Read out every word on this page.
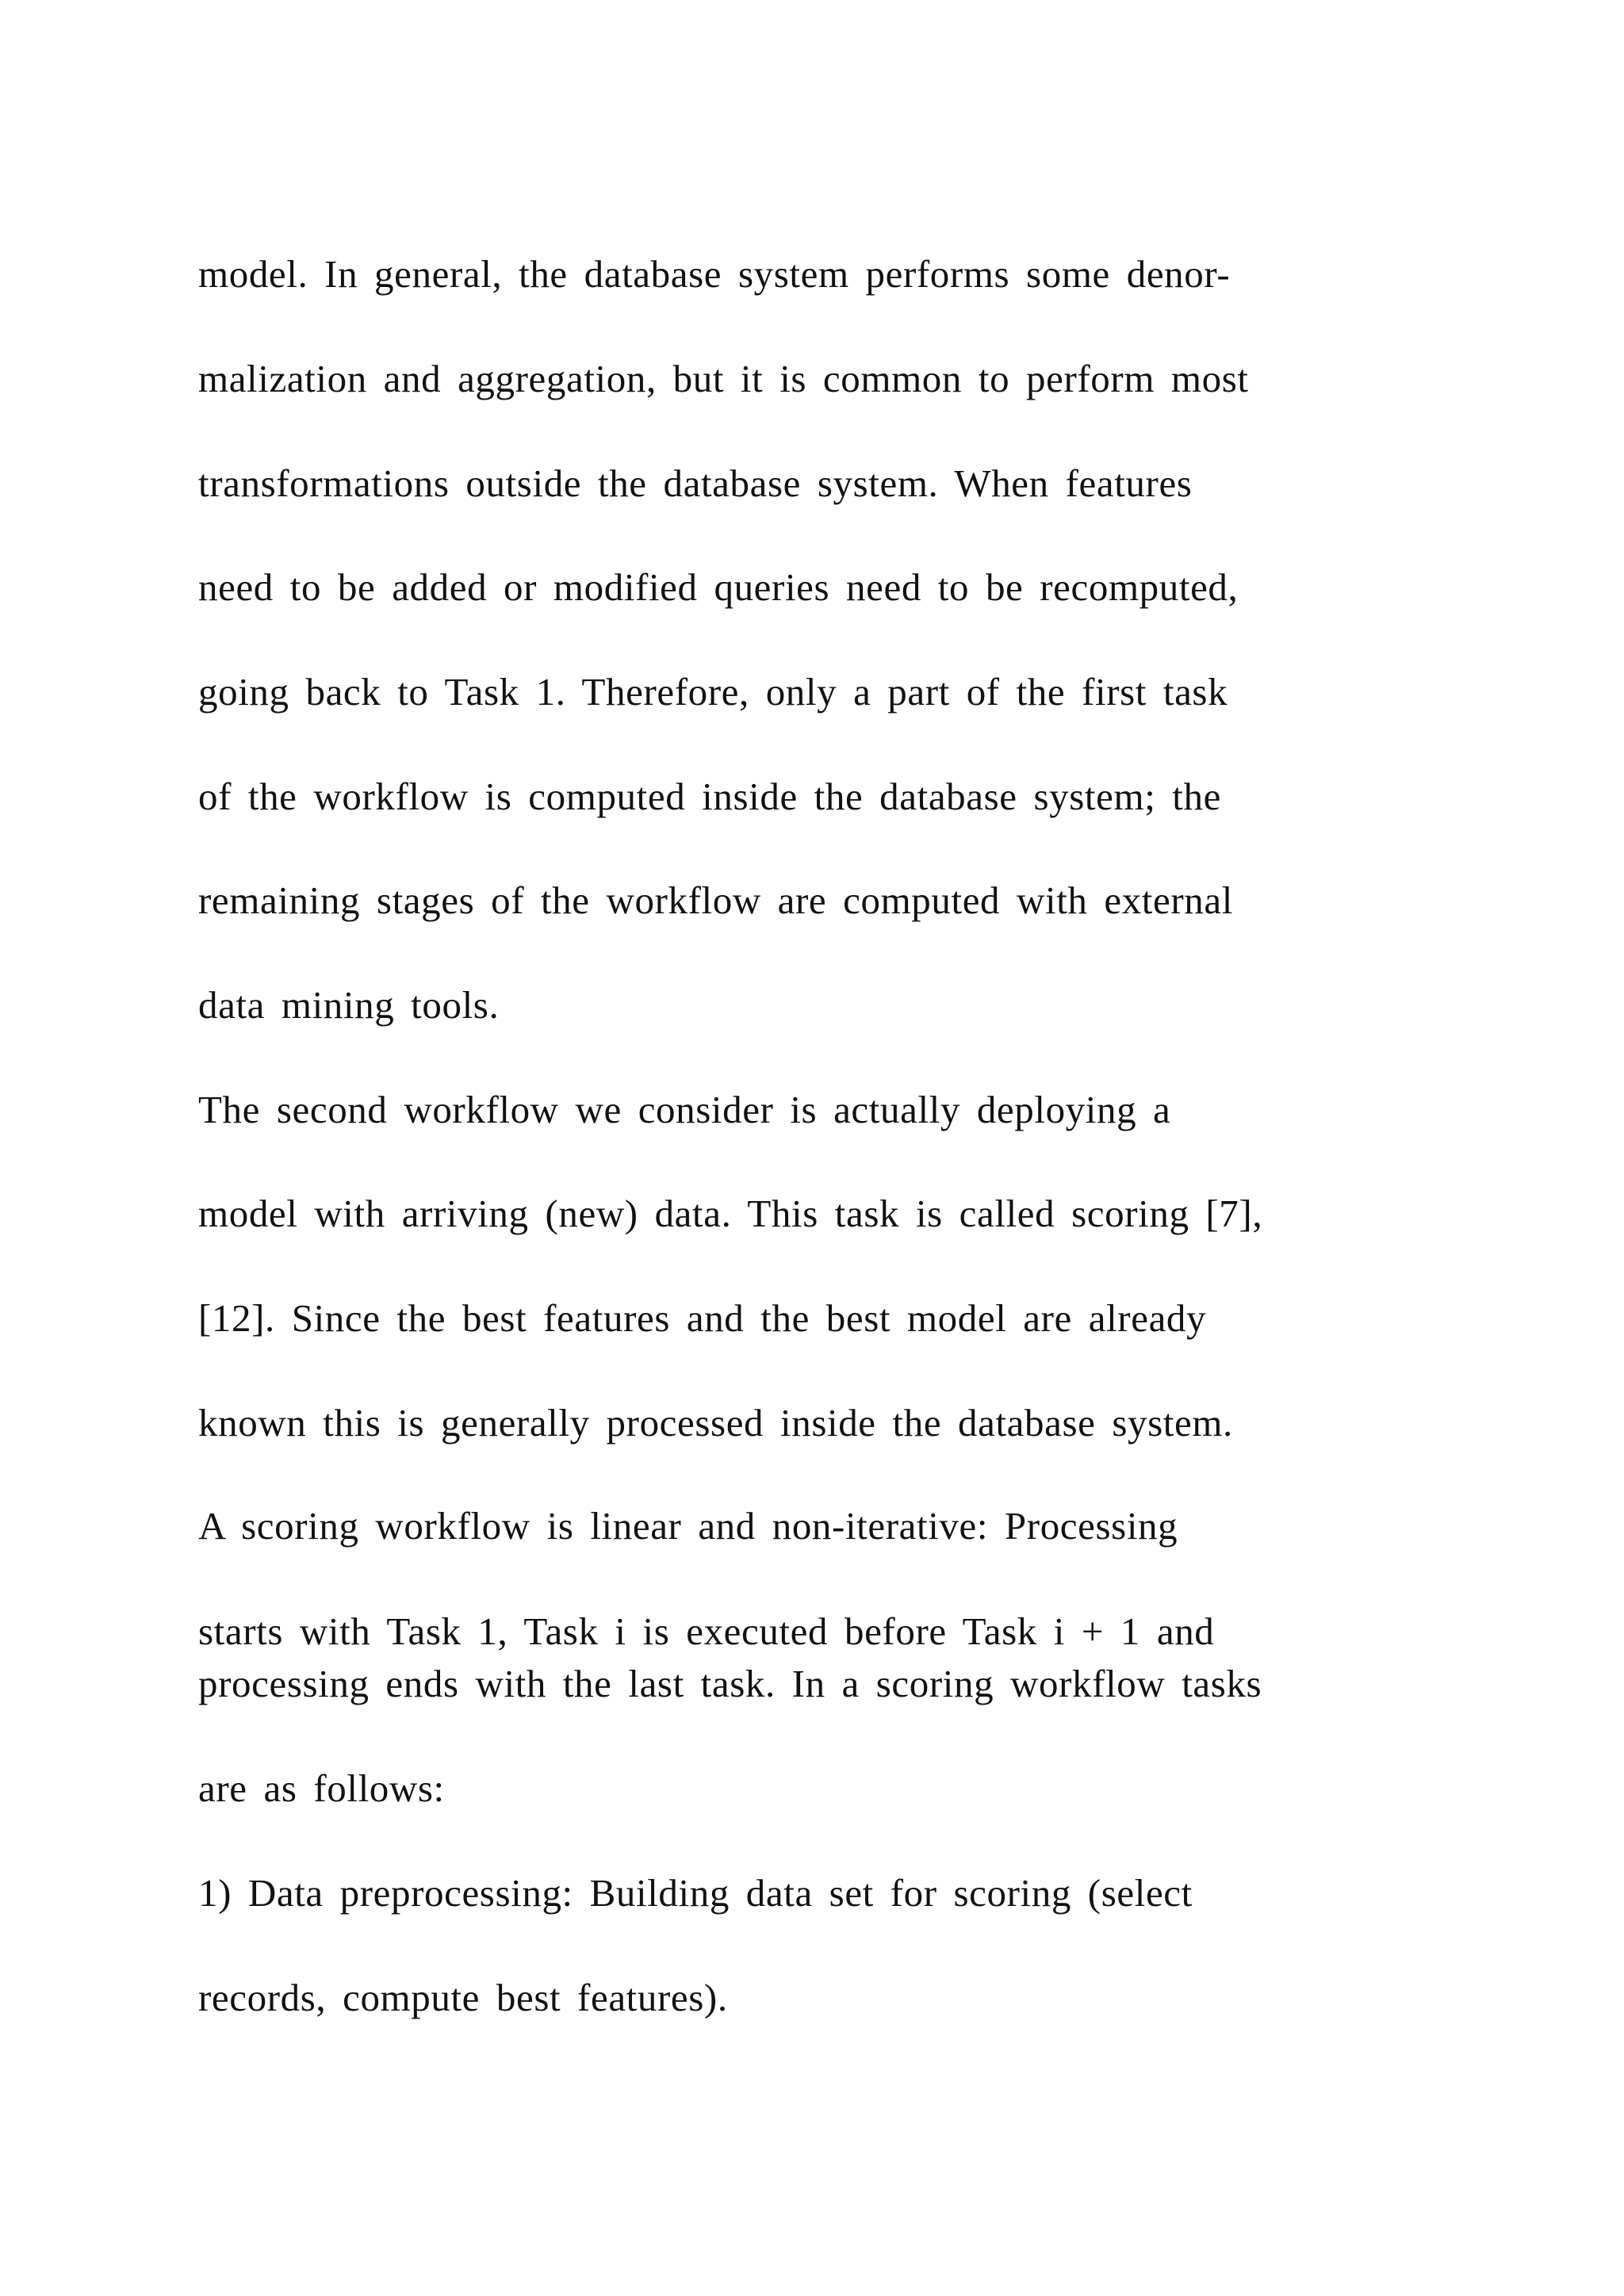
model. In general, the database system performs some denor-

malization and aggregation, but it is common to perform most

transformations outside the database system. When features

need to be added or modified queries need to be recomputed,

going back to Task 1. Therefore, only a part of the first task

of the workflow is computed inside the database system; the

remaining stages of the workflow are computed with external

data mining tools.

The second workflow we consider is actually deploying a

model with arriving (new) data. This task is called scoring [7],

[12]. Since the best features and the best model are already

known this is generally processed inside the database system.

A scoring workflow is linear and non-iterative: Processing

starts with Task 1, Task i is executed before Task i + 1 and

processing ends with the last task. In a scoring workflow tasks

are as follows:

1) Data preprocessing: Building data set for scoring (select

records, compute best features).
